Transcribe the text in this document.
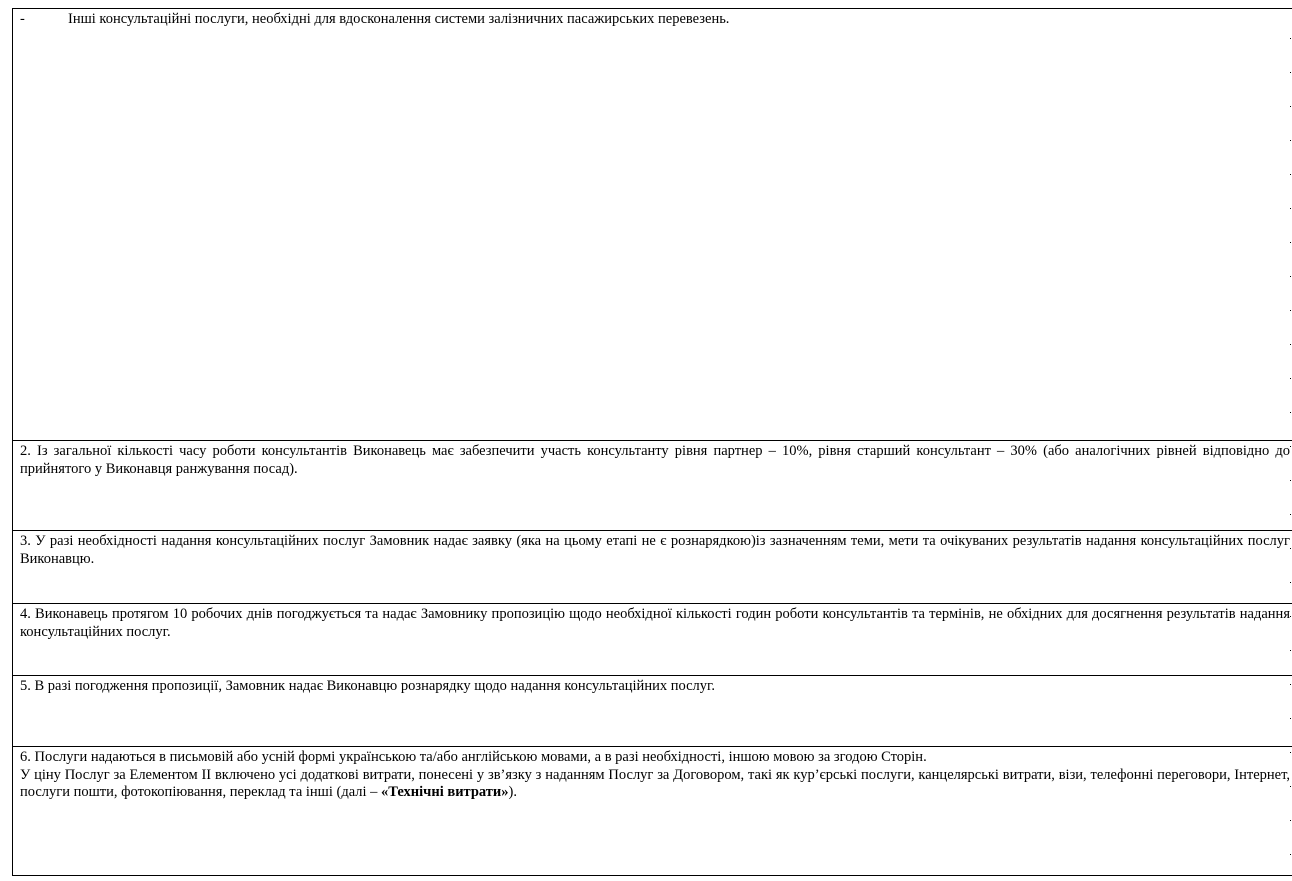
- Інші консультаційні послуги, необхідні для вдосконалення системи залізничних пасажирських перевезень.	

2. Із загальної кількості часу роботи консультантів Виконавець має забезпечити участь консультанту рівня партнер – 10%, рівня старший консультант – 30% (або аналогічних рівней відповідно до прийнятого у Виконавця ранжування посад).	

3. У разі необхідності надання консультаційних послуг Замовник надає заявку (яка на цьому етапі не є рознарядкою)із зазначенням теми, мети та очікуваних результатів надання консультаційних послуг Виконавцю.	

4. Виконавець протягом 10 робочих днів погоджується та надає Замовнику пропозицію щодо необхідної кількості годин роботи консультантів та термінів, не обхідних для досягнення результатів надання консультаційних послуг.	

5. В разі погодження пропозиції, Замовник надає Виконавцю рознарядку щодо надання консультаційних послуг.	

6. Послуги надаються в письмовій або усній формі українською та/або англійською мовами, а в разі необхідності, іншою мовою за згодою Сторін.

У ціну Послуг за Елементом ІІ включено усі додаткові витрати, понесені у зв’язку з наданням Послуг за Договором, такі як кур’єрські послуги, канцелярські витрати, візи, телефонні переговори, Інтернет, послуги пошти, фотокопіювання, переклад та інші (далі – «Технічні витрати»).	
